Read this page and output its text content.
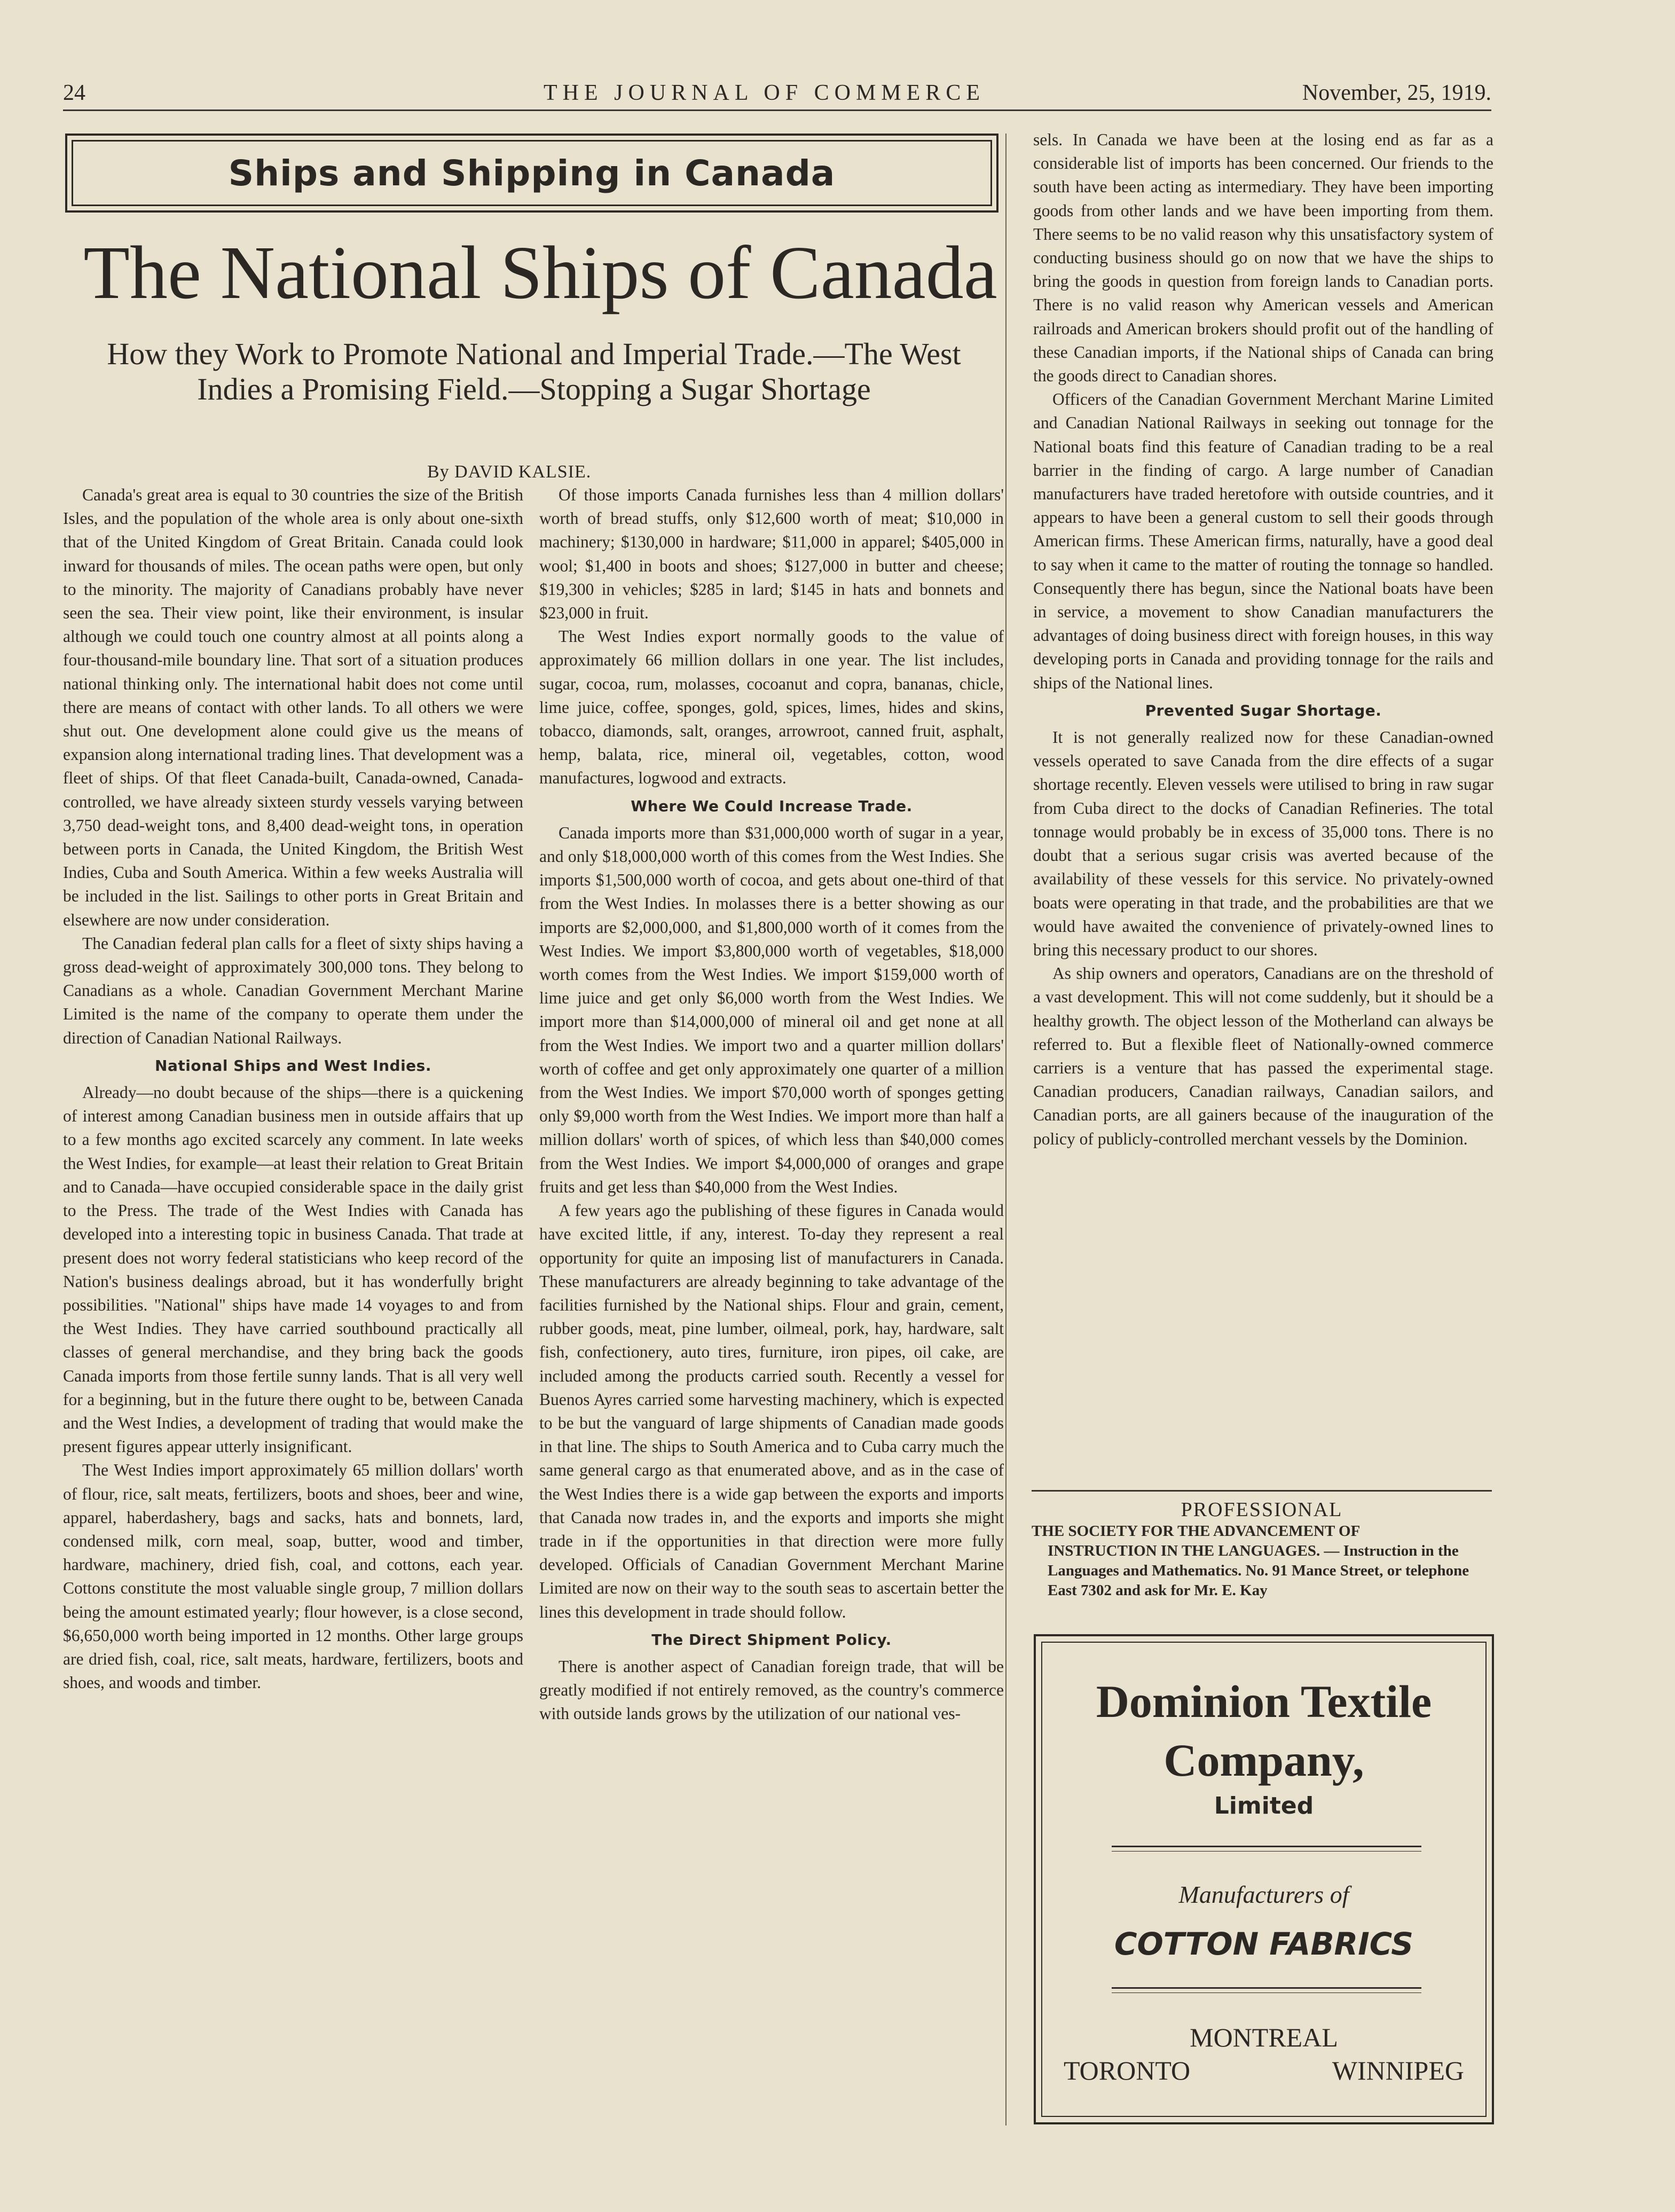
24	THE JOURNAL OF COMMERCE	November, 25, 1919.
Ships and Shipping in Canada
The National Ships of Canada
How they Work to Promote National and Imperial Trade.—The West Indies a Promising Field.—Stopping a Sugar Shortage
By DAVID KALSIE.

Canada's great area is equal to 30 countries the size of the British Isles, and the population of the whole area is only about one-sixth that of the United Kingdom of Great Britain. Canada could look inward for thousands of miles. The ocean paths were open, but only to the minority. The majority of Canadians probably have never seen the sea. Their view point, like their environment, is insular although we could touch one country almost at all points along a four-thousand-mile boundary line. That sort of a situation produces national thinking only. The international habit does not come until there are means of contact with other lands. To all others we were shut out. One development alone could give us the means of expansion along international trading lines. That development was a fleet of ships. Of that fleet Canada-built, Canada-owned, Canada-controlled, we have already sixteen sturdy vessels varying between 3,750 dead-weight tons, and 8,400 dead-weight tons, in operation between ports in Canada, the United Kingdom, the British West Indies, Cuba and South America. Within a few weeks Australia will be included in the list. Sailings to other ports in Great Britain and elsewhere are now under consideration.

The Canadian federal plan calls for a fleet of sixty ships having a gross dead-weight of approximately 300,000 tons. They belong to Canadians as a whole. Canadian Government Merchant Marine Limited is the name of the company to operate them under the direction of Canadian National Railways.

National Ships and West Indies.

Already—no doubt because of the ships—there is a quickening of interest among Canadian business men in outside affairs that up to a few months ago excited scarcely any comment. In late weeks the West Indies, for example—at least their relation to Great Britain and to Canada—have occupied considerable space in the daily grist to the Press. The trade of the West Indies with Canada has developed into a interesting topic in business Canada. That trade at present does not worry federal statisticians who keep record of the Nation's business dealings abroad, but it has wonderfully bright possibilities. "National" ships have made 14 voyages to and from the West Indies. They have carried southbound practically all classes of general merchandise, and they bring back the goods Canada imports from those fertile sunny lands. That is all very well for a beginning, but in the future there ought to be, between Canada and the West Indies, a development of trading that would make the present figures appear utterly insignificant.

The West Indies import approximately 65 million dollars' worth of flour, rice, salt meats, fertilizers, boots and shoes, beer and wine, apparel, haberdashery, bags and sacks, hats and bonnets, lard, condensed milk, corn meal, soap, butter, wood and timber, hardware, machinery, dried fish, coal, and cottons, each year. Cottons constitute the most valuable single group, 7 million dollars being the amount estimated yearly; flour however, is a close second, $6,650,000 worth being imported in 12 months. Other large groups are dried fish, coal, rice, salt meats, hardware, fertilizers, boots and shoes, and woods and timber.

Of those imports Canada furnishes less than 4 million dollars' worth of bread stuffs, only $12,600 worth of meat; $10,000 in machinery; $130,000 in hardware; $11,000 in apparel; $405,000 in wool; $1,400 in boots and shoes; $127,000 in butter and cheese; $19,300 in vehicles; $285 in lard; $145 in hats and bonnets and $23,000 in fruit.

The West Indies export normally goods to the value of approximately 66 million dollars in one year. The list includes, sugar, cocoa, rum, molasses, cocoanut and copra, bananas, chicle, lime juice, coffee, sponges, gold, spices, limes, hides and skins, tobacco, diamonds, salt, oranges, arrowroot, canned fruit, asphalt, hemp, balata, rice, mineral oil, vegetables, cotton, wood manufactures, logwood and extracts.

Where We Could Increase Trade.

Canada imports more than $31,000,000 worth of sugar in a year, and only $18,000,000 worth of this comes from the West Indies. She imports $1,500,000 worth of cocoa, and gets about one-third of that from the West Indies. In molasses there is a better showing as our imports are $2,000,000, and $1,800,000 worth of it comes from the West Indies. We import $3,800,000 worth of vegetables, $18,000 worth comes from the West Indies. We import $159,000 worth of lime juice and get only $6,000 worth from the West Indies. We import more than $14,000,000 of mineral oil and get none at all from the West Indies. We import two and a quarter million dollars' worth of coffee and get only approximately one quarter of a million from the West Indies. We import $70,000 worth of sponges getting only $9,000 worth from the West Indies. We import more than half a million dollars' worth of spices, of which less than $40,000 comes from the West Indies. We import $4,000,000 of oranges and grape fruits and get less than $40,000 from the West Indies.

A few years ago the publishing of these figures in Canada would have excited little, if any, interest. To-day they represent a real opportunity for quite an imposing list of manufacturers in Canada. These manufacturers are already beginning to take advantage of the facilities furnished by the National ships. Flour and grain, cement, rubber goods, meat, pine lumber, oilmeal, pork, hay, hardware, salt fish, confectionery, auto tires, furniture, iron pipes, oil cake, are included among the products carried south. Recently a vessel for Buenos Ayres carried some harvesting machinery, which is expected to be but the vanguard of large shipments of Canadian made goods in that line. The ships to South America and to Cuba carry much the same general cargo as that enumerated above, and as in the case of the West Indies there is a wide gap between the exports and imports that Canada now trades in, and the exports and imports she might trade in if the opportunities in that direction were more fully developed. Officials of Canadian Government Merchant Marine Limited are now on their way to the south seas to ascertain better the lines this development in trade should follow.

The Direct Shipment Policy.

There is another aspect of Canadian foreign trade, that will be greatly modified if not entirely removed, as the country's commerce with outside lands grows by the utilization of our national ves-

sels. In Canada we have been at the losing end as far as a considerable list of imports has been concerned. Our friends to the south have been acting as intermediary. They have been importing goods from other lands and we have been importing from them. There seems to be no valid reason why this unsatisfactory system of conducting business should go on now that we have the ships to bring the goods in question from foreign lands to Canadian ports. There is no valid reason why American vessels and American railroads and American brokers should profit out of the handling of these Canadian imports, if the National ships of Canada can bring the goods direct to Canadian shores.

Officers of the Canadian Government Merchant Marine Limited and Canadian National Railways in seeking out tonnage for the National boats find this feature of Canadian trading to be a real barrier in the finding of cargo. A large number of Canadian manufacturers have traded heretofore with outside countries, and it appears to have been a general custom to sell their goods through American firms. These American firms, naturally, have a good deal to say when it came to the matter of routing the tonnage so handled. Consequently there has begun, since the National boats have been in service, a movement to show Canadian manufacturers the advantages of doing business direct with foreign houses, in this way developing ports in Canada and providing tonnage for the rails and ships of the National lines.

Prevented Sugar Shortage.

It is not generally realized now for these Canadian-owned vessels operated to save Canada from the dire effects of a sugar shortage recently. Eleven vessels were utilised to bring in raw sugar from Cuba direct to the docks of Canadian Refineries. The total tonnage would probably be in excess of 35,000 tons. There is no doubt that a serious sugar crisis was averted because of the availability of these vessels for this service. No privately-owned boats were operating in that trade, and the probabilities are that we would have awaited the convenience of privately-owned lines to bring this necessary product to our shores.

As ship owners and operators, Canadians are on the threshold of a vast development. This will not come suddenly, but it should be a healthy growth. The object lesson of the Motherland can always be referred to. But a flexible fleet of Nationally-owned commerce carriers is a venture that has passed the experimental stage. Canadian producers, Canadian railways, Canadian sailors, and Canadian ports, are all gainers because of the inauguration of the policy of publicly-controlled merchant vessels by the Dominion.

PROFESSIONAL
THE SOCIETY FOR THE ADVANCEMENT OF
INSTRUCTION IN THE LANGUAGES. — Instruction in the Languages and Mathematics. No. 91 Mance Street, or telephone East 7302 and ask for Mr. E. Kay
Dominion Textile
Company,
Limited
Manufacturers of
COTTON FABRICS
MONTREAL
TORONTO	WINNIPEG
